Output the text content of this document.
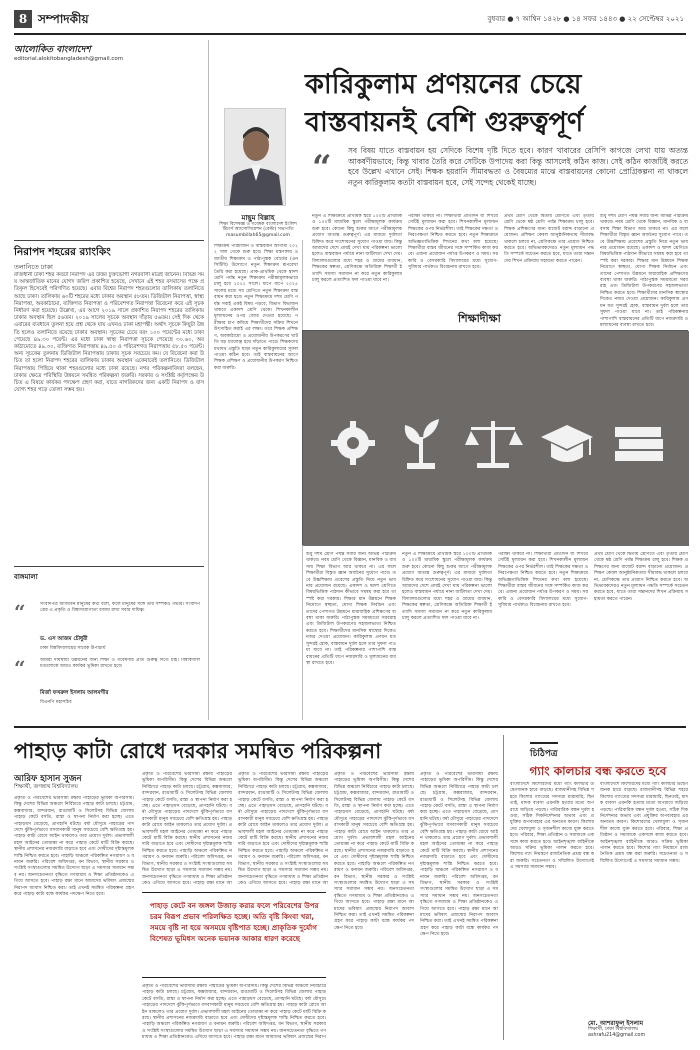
8 সম্পাদকীয়	বুধবার ● ৭ আশ্বিন ১৪২৮ ● ১৪ সফর ১৪৪৩ ● ২২ সেপ্টেম্বর ২০২১
আলোকিত বাংলাদেশ
editorial.alokitobangladesh@gmail.com
কারিকুলাম প্রণয়নের চেয়ে বাস্তবায়নই বেশি গুরুত্বপূর্ণ
নিরাপদ শহরের র‍্যাংকিং
তলানিতে ঢাকা
রাজধানী ঢাকা শহর কতটা নিরাপদ এর উত্তর চুক্তভোগী নগরবাসী মাত্রই জানেন। বিভিন্ন সময় আন্তর্জাতিক মানের যোগদ জরিপ প্রকাশিত হয়েছে, সেখানে এই শহর বসবাসের পক্ষে প্রতিকূল হিসেবেই পরিগণিত হয়েছে। এবার বিশ্বের নিরাপদ শহরগুলোর তালিকায় তলানিতে আছে ঢাকা। তালিকায় ৬০টি শহরের মধ্যে ঢাকার অবস্থান ৫৮তম। ডিজিটাল নিরাপত্তা, স্বাস্থ্য নিরাপত্তা, অবকাঠামো, ব্যক্তিগত নিরাপত্তা ও পরিবেশগত নিরাপত্তা বিবেচনা করে এই সূচক নির্ধারণ করা হয়েছে। উল্লেখ্য, এর আগে ২০১৯ সালে প্রকাশিত নিরাপদ শহরের তালিকায় ঢাকার অবস্থান ছিল ৫৬তম। ২০১৯ সালের সূচকে অবস্থান দাঁড়ায় ৫৬তম। সেই দিক থেকে এবারের ব্যবধানে তুলনা হয়ে প্রশ্ন থেকে যায় এখনও ঢাকা মহাপন্থী। অর্থাৎ সূচকে কিছুটা উন্নতি হলেও তলানিতে রয়েছে ঢাকার অবস্থান। সূচকের চেয়ে বরং ১০০ পয়েন্টের মধ্যে ঢাকা পেয়েছে ৪৯.৩০ পয়েন্ট। এর মধ্যে ঢাকা স্বাস্থ্য নিরাপত্তা সূচকে পেয়েছে ৩০.৬০, অবকাঠামোতে ৪৯.৩০, ব্যক্তিগত নিরাপত্তায় ৪৯.৫০ ও পরিবেশগত নিরাপত্তায় ৫৮.৫০ পয়েন্ট। অন্য সূচকের তুলনায় ডিজিটাল নিরাপত্তায় ঢাকার সূচক সবচেয়ে কম। যে বিবেচনা করা উচিত তা হলো নিরাপদ শহরের তালিকায় ঢাকার অবস্থান একেবারেই তলানিতে। ডিজিটাল নিরাপত্তায় পিছিয়ে থাকা শহরগুলোর মধ্যে ঢাকা রয়েছে। নগর পরিকল্পনাবিদরা বলছেন, ঢাকার ক্ষেত্রে পরিস্থিতি উন্নয়নে সমন্বিত পরিকল্পনা জরুরি। সরকার ও সংশ্লিষ্ট কর্তৃপক্ষের উচিত এ বিষয়ে কার্যকর পদক্ষেপ গ্রহণ করা, যাতে নাগরিকদের জন্য একটি নিরাপদ ও বাসযোগ্য শহর গড়ে তোলা সম্ভব হয়।
বাঙ্গমালা
“	সংবাদপত্র আজীবন মানুষের কথা বলে, ফলে মানুষের সঙ্গে তার সম্পর্কও গভীর। সংবাদপত্রের এ প্রকৃতি ও বিশ্বাসযোগ্যতা বজায় রাখা সবার দায়িত্ব।
ড. এস আজম চৌধুরী
ঢাকা বিশ্ববিদ্যালয়ের সাবেক উপাচার্য
“	আমরা দীর্ঘস্থায়ী উন্নয়নের জন্য শিক্ষা ও গবেষণার প্রতি গুরুত্ব দিতে চাই। বিশ্ববিদ্যালয়গুলোকে আরও কার্যকর ভূমিকা রাখতে হবে।
মির্জা ফখরুল ইসলাম আলমগীর
বিএনপি মহাসচিব
মাছুম বিল্লাহ
শিক্ষা বিশেষজ্ঞ ও গবেষক বাংলাদেশ ইংলিশ টিচার্স অ্যাসোসিয়েশন (বেল্টা) সভাপতি masumbillah65@gmail.com
শিক্ষাক্রম পরিমার্জন ও বাস্তবায়ন আগামী ২০২২ সাল থেকে শুরু হবে। শিক্ষা মন্ত্রণালয় ও জাতীয় শিক্ষাক্রম ও পাঠ্যপুস্তক বোর্ডের (এনসিটিবি) উদ্যোগে নতুন শিক্ষাক্রম রূপরেখা তৈরি করা হয়েছে। প্রাক-প্রাথমিক থেকে দ্বাদশ শ্রেণি পর্যন্ত নতুন শিক্ষাক্রম পরীক্ষামূলকভাবে চালু হবে ২০২২ সালে। ধাপে ধাপে ২০২৫ সালের মধ্যে সব শ্রেণিতে নতুন শিক্ষাক্রম বাস্তবায়ন করা হবে। নতুন শিক্ষাক্রমে দশম শ্রেণি পর্যন্ত সবাই একই বিষয় পড়বে, বিভাগ বিভাজন থাকবে একাদশ শ্রেণি থেকে। শিখনকালীন মূল্যায়নের ওপর জোর দেওয়া হয়েছে। পরীক্ষার চাপ কমিয়ে শিক্ষার্থীদের সক্রিয় শিখনে উৎসাহিত করাই এর লক্ষ্য। তবে শিক্ষক প্রশিক্ষণ, অবকাঠামো ও প্রয়োজনীয় উপকরণের ঘাটতি বড় চ্যালেঞ্জ হয়ে দাঁড়াতে পারে। শিক্ষকদের যথাযথ প্রস্তুতি ছাড়া নতুন কারিকুলামের সুফল পাওয়া কঠিন হবে। তাই বাস্তবায়নের আগে শিক্ষক প্রশিক্ষণ ও প্রয়োজনীয় উপকরণ নিশ্চিত করা জরুরি।
“ সব বিষয় যাতে বাস্তবায়ন হয় সেদিকে বিশেষ দৃষ্টি দিতে হবে। কারণ খাবারের রেসিপি কাগজে লেখা যায় অত্যন্ত আকর্ষণীয়ভাবে; কিন্তু খাবার তৈরি করে সেটিকে উপাদেয় করা কিন্তু আসলেই কঠিন কাজ। সেই কঠিন কাজটিই করতে হবে উল্লেখ এখানে সেই। শিক্ষক হয়রানি সীমাবদ্ধতা ও বৈষম্যের মাঝে বাস্তবায়নের কোনো প্রোগ্রিকল্পনা না থাকলে নতুন কারিকুলাম কতটা বাস্তবায়ন হবে, সেই সন্দেহ থেকেই যাচ্ছে।
নতুন এ শিক্ষাক্রমে প্রাথমিক স্তরে ১০০টি প্রাথমিক ও ১০০টি মাধ্যমিক স্কুলে পরীক্ষামূলক কার্যক্রম শুরু হবে। কোনো কিছু শুরুর আগে পরীক্ষামূলক প্রয়োগ অত্যন্ত গুরুত্বপূর্ণ। এর মাধ্যমে দুর্বলতা চিহ্নিত করে সংশোধনের সুযোগ পাওয়া যায়। কিন্তু আমাদের দেশে প্রায়ই দেখা যায় পরিকল্পনা ভালো হলেও বাস্তবায়ন পর্যায়ে নানা জটিলতা দেখা দেয়। বিদ্যালয়গুলোর মধ্যে শহর ও গ্রামের ব্যবধান, শিক্ষকের স্বল্পতা, শ্রেণিকক্ষে অতিরিক্ত শিক্ষার্থী ইত্যাদি সমস্যা সমাধান না করে নতুন কারিকুলাম চালু করলে প্রত্যাশিত ফল পাওয়া যাবে না।
পরীক্ষা থাকবে না। শিক্ষার্থীরা প্রতিদিন যা শিখবে সেটিই মূল্যায়ন করা হবে। শিখনকালীন মূল্যায়ন শিক্ষকের ওপর নির্ভরশীল। তাই শিক্ষকের দক্ষতা ও নিরপেক্ষতা নিশ্চিত করতে হবে। নতুন শিক্ষাক্রমে অভিজ্ঞতাভিত্তিক শিখনের কথা বলা হয়েছে। শিক্ষার্থীরা বাস্তব জীবনের সঙ্গে সম্পর্কিত কাজ করবে। এজন্য প্রয়োজন পর্যাপ্ত উপকরণ ও সময়। সরকারি ও বেসরকারি বিদ্যালয়ের মধ্যে সুযোগ-সুবিধার পার্থক্যও বিবেচনায় রাখতে হবে।
প্রথম শ্রেণি থেকে দ্বিতীয় শ্রেণিতে এবং তৃতীয় শ্রেণি থেকে ষষ্ঠ শ্রেণি পর্যন্ত শিক্ষাক্রম চালু হবে। শিক্ষক প্রশিক্ষণের জন্য বাজেট বরাদ্দ বাড়ানো প্রয়োজন। প্রশিক্ষণ কেবল আনুষ্ঠানিকতায় সীমাবদ্ধ থাকলে চলবে না, শ্রেণিকক্ষে তার প্রয়োগ নিশ্চিত করতে হবে। অভিভাবকদেরও নতুন মূল্যায়ন পদ্ধতি সম্পর্কে সচেতন করতে হবে, যাতে তারা সন্তানদের শিখন প্রক্রিয়ায় সহায়তা করতে পারেন।
শুধু দশম শ্রেণি পর্যন্ত সবার জন্য অভিন্ন পাঠ্যক্রম থাকবে। নবম শ্রেণি থেকে বিজ্ঞান, মানবিক ও ব্যবসায় শিক্ষা বিভাগ আর থাকবে না। এর ফলে শিক্ষার্থীরা বিস্তৃত জ্ঞান অর্জনের সুযোগ পাবে। তবে উচ্চশিক্ষায় প্রবেশের প্রস্তুতি নিয়ে নতুন ভাবনার প্রয়োজন রয়েছে। একাদশ ও দ্বাদশ শ্রেণিতে বিষয়ভিত্তিক পাঠদান কীভাবে সমন্বয় করা হবে তা স্পষ্ট করা দরকার। শিক্ষার মান উন্নয়নে শিক্ষক নিয়োগে স্বচ্ছতা, যোগ্য শিক্ষক নির্বাচন এবং তাদের পেশাগত উন্নয়নে ধারাবাহিক প্রশিক্ষণের ব্যবস্থা থাকা জরুরি। পাঠ্যপুস্তক সময়মতো সরবরাহ এবং ডিজিটাল উপকরণের সহজলভ্যতা নিশ্চিত করতে হবে। শিক্ষার্থীদের মানসিক স্বাস্থ্যের দিকেও নজর দেওয়া প্রয়োজন। কারিকুলাম প্রণয়ন যত সুন্দরই হোক, বাস্তবায়ন দুর্বল হলে তার সুফল পাওয়া যাবে না। তাই পরিকল্পনার পাশাপাশি বাস্তবায়নের প্রতিটি ধাপে নজরদারি ও মূল্যায়নের ব্যবস্থা রাখতে হবে।
শিক্ষাদীক্ষা
শুধু দশম শ্রেণি পর্যন্ত সবার জন্য অভিন্ন পাঠ্যক্রম থাকবে। নবম শ্রেণি থেকে বিজ্ঞান, মানবিক ও ব্যবসায় শিক্ষা বিভাগ আর থাকবে না। এর ফলে শিক্ষার্থীরা বিস্তৃত জ্ঞান অর্জনের সুযোগ পাবে। তবে উচ্চশিক্ষায় প্রবেশের প্রস্তুতি নিয়ে নতুন ভাবনার প্রয়োজন রয়েছে। একাদশ ও দ্বাদশ শ্রেণিতে বিষয়ভিত্তিক পাঠদান কীভাবে সমন্বয় করা হবে তা স্পষ্ট করা দরকার। শিক্ষার মান উন্নয়নে শিক্ষক নিয়োগে স্বচ্ছতা, যোগ্য শিক্ষক নির্বাচন এবং তাদের পেশাগত উন্নয়নে ধারাবাহিক প্রশিক্ষণের ব্যবস্থা থাকা জরুরি। পাঠ্যপুস্তক সময়মতো সরবরাহ এবং ডিজিটাল উপকরণের সহজলভ্যতা নিশ্চিত করতে হবে। শিক্ষার্থীদের মানসিক স্বাস্থ্যের দিকেও নজর দেওয়া প্রয়োজন। কারিকুলাম প্রণয়ন যত সুন্দরই হোক, বাস্তবায়ন দুর্বল হলে তার সুফল পাওয়া যাবে না। তাই পরিকল্পনার পাশাপাশি বাস্তবায়নের প্রতিটি ধাপে নজরদারি ও মূল্যায়নের ব্যবস্থা রাখতে হবে।
নতুন এ শিক্ষাক্রমে প্রাথমিক স্তরে ১০০টি প্রাথমিক ও ১০০টি মাধ্যমিক স্কুলে পরীক্ষামূলক কার্যক্রম শুরু হবে। কোনো কিছু শুরুর আগে পরীক্ষামূলক প্রয়োগ অত্যন্ত গুরুত্বপূর্ণ। এর মাধ্যমে দুর্বলতা চিহ্নিত করে সংশোধনের সুযোগ পাওয়া যায়। কিন্তু আমাদের দেশে প্রায়ই দেখা যায় পরিকল্পনা ভালো হলেও বাস্তবায়ন পর্যায়ে নানা জটিলতা দেখা দেয়। বিদ্যালয়গুলোর মধ্যে শহর ও গ্রামের ব্যবধান, শিক্ষকের স্বল্পতা, শ্রেণিকক্ষে অতিরিক্ত শিক্ষার্থী ইত্যাদি সমস্যা সমাধান না করে নতুন কারিকুলাম চালু করলে প্রত্যাশিত ফল পাওয়া যাবে না।
পরীক্ষা থাকবে না। শিক্ষার্থীরা প্রতিদিন যা শিখবে সেটিই মূল্যায়ন করা হবে। শিখনকালীন মূল্যায়ন শিক্ষকের ওপর নির্ভরশীল। তাই শিক্ষকের দক্ষতা ও নিরপেক্ষতা নিশ্চিত করতে হবে। নতুন শিক্ষাক্রমে অভিজ্ঞতাভিত্তিক শিখনের কথা বলা হয়েছে। শিক্ষার্থীরা বাস্তব জীবনের সঙ্গে সম্পর্কিত কাজ করবে। এজন্য প্রয়োজন পর্যাপ্ত উপকরণ ও সময়। সরকারি ও বেসরকারি বিদ্যালয়ের মধ্যে সুযোগ-সুবিধার পার্থক্যও বিবেচনায় রাখতে হবে।
প্রথম শ্রেণি থেকে দ্বিতীয় শ্রেণিতে এবং তৃতীয় শ্রেণি থেকে ষষ্ঠ শ্রেণি পর্যন্ত শিক্ষাক্রম চালু হবে। শিক্ষক প্রশিক্ষণের জন্য বাজেট বরাদ্দ বাড়ানো প্রয়োজন। প্রশিক্ষণ কেবল আনুষ্ঠানিকতায় সীমাবদ্ধ থাকলে চলবে না, শ্রেণিকক্ষে তার প্রয়োগ নিশ্চিত করতে হবে। অভিভাবকদেরও নতুন মূল্যায়ন পদ্ধতি সম্পর্কে সচেতন করতে হবে, যাতে তারা সন্তানদের শিখন প্রক্রিয়ায় সহায়তা করতে পারেন।
পাহাড় কাটা রোধে দরকার সমন্বিত পরিকল্পনা
আরিফ হাসান সুজন
শিক্ষার্থী, জগন্নাথ বিশ্ববিদ্যালয়
প্রকৃতি ও পরিবেশের ভারসাম্য রক্ষায় পাহাড়ের ভূমিকা অপরিসীম। কিন্তু দেশের বিভিন্ন অঞ্চলে নির্বিচারে পাহাড় কাটা চলছে। চট্টগ্রাম, কক্সবাজার, বান্দরবান, রাঙামাটি ও সিলেটসহ বিভিন্ন জেলায় পাহাড় কেটে বসতি, রাস্তা ও স্থাপনা নির্মাণ করা হচ্ছে। এতে পাহাড়ধস বেড়েছে, প্রাণহানি ঘটছে। বর্ষা মৌসুমে পাহাড়ের পাদদেশে ঝুঁকিপূর্ণভাবে বসবাসকারী মানুষ সবচেয়ে বেশি ক্ষতিগ্রস্ত হয়। পাহাড় কাটা রোধে আইন থাকলেও তার প্রয়োগ দুর্বল। প্রভাবশালী মহল আইনের তোয়াক্কা না করে পাহাড় কেটে মাটি বিক্রি করছে। স্থানীয় প্রশাসনের নজরদারি বাড়াতে হবে এবং দোষীদের দৃষ্টান্তমূলক শাস্তি নিশ্চিত করতে হবে। পাহাড়ি অঞ্চলে পরিকল্পিত নগরায়ণ ও বনায়ন জরুরি। পরিবেশ অধিদপ্তর, বন বিভাগ, স্থানীয় সরকার ও সংশ্লিষ্ট সংস্থাগুলোর সমন্বিত উদ্যোগ ছাড়া এ সমস্যার সমাধান সম্ভব নয়। জনসচেতনতা বৃদ্ধিতে গণমাধ্যম ও শিক্ষা প্রতিষ্ঠানকেও এগিয়ে আসতে হবে। পাহাড় রক্ষা মানে আমাদের ভবিষ্যৎ প্রজন্মের নিরাপদ আবাস নিশ্চিত করা। তাই এখনই সমন্বিত পরিকল্পনা গ্রহণ করে পাহাড় কাটা বন্ধে কার্যকর পদক্ষেপ নিতে হবে।
প্রকৃতি ও পরিবেশের ভারসাম্য রক্ষায় পাহাড়ের ভূমিকা অপরিসীম। কিন্তু দেশের বিভিন্ন অঞ্চলে নির্বিচারে পাহাড় কাটা চলছে। চট্টগ্রাম, কক্সবাজার, বান্দরবান, রাঙামাটি ও সিলেটসহ বিভিন্ন জেলায় পাহাড় কেটে বসতি, রাস্তা ও স্থাপনা নির্মাণ করা হচ্ছে। এতে পাহাড়ধস বেড়েছে, প্রাণহানি ঘটছে। বর্ষা মৌসুমে পাহাড়ের পাদদেশে ঝুঁকিপূর্ণভাবে বসবাসকারী মানুষ সবচেয়ে বেশি ক্ষতিগ্রস্ত হয়। পাহাড় কাটা রোধে আইন থাকলেও তার প্রয়োগ দুর্বল। প্রভাবশালী মহল আইনের তোয়াক্কা না করে পাহাড় কেটে মাটি বিক্রি করছে। স্থানীয় প্রশাসনের নজরদারি বাড়াতে হবে এবং দোষীদের দৃষ্টান্তমূলক শাস্তি নিশ্চিত করতে হবে। পাহাড়ি অঞ্চলে পরিকল্পিত নগরায়ণ ও বনায়ন জরুরি। পরিবেশ অধিদপ্তর, বন বিভাগ, স্থানীয় সরকার ও সংশ্লিষ্ট সংস্থাগুলোর সমন্বিত উদ্যোগ ছাড়া এ সমস্যার সমাধান সম্ভব নয়। জনসচেতনতা বৃদ্ধিতে গণমাধ্যম ও শিক্ষা প্রতিষ্ঠানকেও এগিয়ে আসতে হবে। পাহাড় রক্ষা মানে আ
প্রকৃতি ও পরিবেশের ভারসাম্য রক্ষায় পাহাড়ের ভূমিকা অপরিসীম। কিন্তু দেশের বিভিন্ন অঞ্চলে নির্বিচারে পাহাড় কাটা চলছে। চট্টগ্রাম, কক্সবাজার, বান্দরবান, রাঙামাটি ও সিলেটসহ বিভিন্ন জেলায় পাহাড় কেটে বসতি, রাস্তা ও স্থাপনা নির্মাণ করা হচ্ছে। এতে পাহাড়ধস বেড়েছে, প্রাণহানি ঘটছে। বর্ষা মৌসুমে পাহাড়ের পাদদেশে ঝুঁকিপূর্ণভাবে বসবাসকারী মানুষ সবচেয়ে বেশি ক্ষতিগ্রস্ত হয়। পাহাড় কাটা রোধে আইন থাকলেও তার প্রয়োগ দুর্বল। প্রভাবশালী মহল আইনের তোয়াক্কা না করে পাহাড় কেটে মাটি বিক্রি করছে। স্থানীয় প্রশাসনের নজরদারি বাড়াতে হবে এবং দোষীদের দৃষ্টান্তমূলক শাস্তি নিশ্চিত করতে হবে। পাহাড়ি অঞ্চলে পরিকল্পিত নগরায়ণ ও বনায়ন জরুরি। পরিবেশ অধিদপ্তর, বন বিভাগ, স্থানীয় সরকার ও সংশ্লিষ্ট সংস্থাগুলোর সমন্বিত উদ্যোগ ছাড়া এ সমস্যার সমাধান সম্ভব নয়। জনসচেতনতা বৃদ্ধিতে গণমাধ্যম ও শিক্ষা প্রতিষ্ঠানকেও এগিয়ে আসতে হবে। পাহাড় রক্ষা মানে আ
পাহাড় কেটে বন জঙ্গল উজাড় করার ফলে পরিবেশের উপর চরম বিরূপ প্রভাব পরিলক্ষিত হচ্ছে। অতি বৃষ্টি কিংবা খরা, সময়ে বৃষ্টি না হয়ে অসময়ে বৃষ্টিপাত হচ্ছে। প্রাকৃতিক দুর্যোগ বিশেষত ভূমিধস অনেক ভয়ানক আকার ধারণ করেছে
প্রকৃতি ও পরিবেশের ভারসাম্য রক্ষায় পাহাড়ের ভূমিকা অপরিসীম। কিন্তু দেশের বিভিন্ন অঞ্চলে নির্বিচারে পাহাড় কাটা চলছে। চট্টগ্রাম, কক্সবাজার, বান্দরবান, রাঙামাটি ও সিলেটসহ বিভিন্ন জেলায় পাহাড় কেটে বসতি, রাস্তা ও স্থাপনা নির্মাণ করা হচ্ছে। এতে পাহাড়ধস বেড়েছে, প্রাণহানি ঘটছে। বর্ষা মৌসুমে পাহাড়ের পাদদেশে ঝুঁকিপূর্ণভাবে বসবাসকারী মানুষ সবচেয়ে বেশি ক্ষতিগ্রস্ত হয়। পাহাড় কাটা রোধে আইন থাকলেও তার প্রয়োগ দুর্বল। প্রভাবশালী মহল আইনের তোয়াক্কা না করে পাহাড় কেটে মাটি বিক্রি করছে। স্থানীয় প্রশাসনের নজরদারি বাড়াতে হবে এবং দোষীদের দৃষ্টান্তমূলক শাস্তি নিশ্চিত করতে হবে। পাহাড়ি অঞ্চলে পরিকল্পিত নগরায়ণ ও বনায়ন জরুরি। পরিবেশ অধিদপ্তর, বন বিভাগ, স্থানীয় সরকার ও সংশ্লিষ্ট সংস্থাগুলোর সমন্বিত উদ্যোগ ছাড়া এ সমস্যার সমাধান সম্ভব নয়। জনসচেতনতা বৃদ্ধিতে গণমাধ্যম ও শিক্ষা প্রতিষ্ঠানকেও এগিয়ে আসতে হবে। পাহাড় রক্ষা মানে আমাদের ভবিষ্যৎ প্রজন্মের নিরাপ
প্রকৃতি ও পরিবেশের ভারসাম্য রক্ষায় পাহাড়ের ভূমিকা অপরিসীম। কিন্তু দেশের বিভিন্ন অঞ্চলে নির্বিচারে পাহাড় কাটা চলছে। চট্টগ্রাম, কক্সবাজার, বান্দরবান, রাঙামাটি ও সিলেটসহ বিভিন্ন জেলায় পাহাড় কেটে বসতি, রাস্তা ও স্থাপনা নির্মাণ করা হচ্ছে। এতে পাহাড়ধস বেড়েছে, প্রাণহানি ঘটছে। বর্ষা মৌসুমে পাহাড়ের পাদদেশে ঝুঁকিপূর্ণভাবে বসবাসকারী মানুষ সবচেয়ে বেশি ক্ষতিগ্রস্ত হয়। পাহাড় কাটা রোধে আইন থাকলেও তার প্রয়োগ দুর্বল। প্রভাবশালী মহল আইনের তোয়াক্কা না করে পাহাড় কেটে মাটি বিক্রি করছে। স্থানীয় প্রশাসনের নজরদারি বাড়াতে হবে এবং দোষীদের দৃষ্টান্তমূলক শাস্তি নিশ্চিত করতে হবে। পাহাড়ি অঞ্চলে পরিকল্পিত নগরায়ণ ও বনায়ন জরুরি। পরিবেশ অধিদপ্তর, বন বিভাগ, স্থানীয় সরকার ও সংশ্লিষ্ট সংস্থাগুলোর সমন্বিত উদ্যোগ ছাড়া এ সমস্যার সমাধান সম্ভব নয়। জনসচেতনতা বৃদ্ধিতে গণমাধ্যম ও শিক্ষা প্রতিষ্ঠানকেও এগিয়ে আসতে হবে। পাহাড় রক্ষা মানে আমাদের ভবিষ্যৎ প্রজন্মের নিরাপদ আবাস নিশ্চিত করা। তাই এখনই সমন্বিত পরিকল্পনা গ্রহণ করে পাহাড় কাটা বন্ধে কার্যকর পদক্ষেপ নিতে হবে।
প্রকৃতি ও পরিবেশের ভারসাম্য রক্ষায় পাহাড়ের ভূমিকা অপরিসীম। কিন্তু দেশের বিভিন্ন অঞ্চলে নির্বিচারে পাহাড় কাটা চলছে। চট্টগ্রাম, কক্সবাজার, বান্দরবান, রাঙামাটি ও সিলেটসহ বিভিন্ন জেলায় পাহাড় কেটে বসতি, রাস্তা ও স্থাপনা নির্মাণ করা হচ্ছে। এতে পাহাড়ধস বেড়েছে, প্রাণহানি ঘটছে। বর্ষা মৌসুমে পাহাড়ের পাদদেশে ঝুঁকিপূর্ণভাবে বসবাসকারী মানুষ সবচেয়ে বেশি ক্ষতিগ্রস্ত হয়। পাহাড় কাটা রোধে আইন থাকলেও তার প্রয়োগ দুর্বল। প্রভাবশালী মহল আইনের তোয়াক্কা না করে পাহাড় কেটে মাটি বিক্রি করছে। স্থানীয় প্রশাসনের নজরদারি বাড়াতে হবে এবং দোষীদের দৃষ্টান্তমূলক শাস্তি নিশ্চিত করতে হবে। পাহাড়ি অঞ্চলে পরিকল্পিত নগরায়ণ ও বনায়ন জরুরি। পরিবেশ অধিদপ্তর, বন বিভাগ, স্থানীয় সরকার ও সংশ্লিষ্ট সংস্থাগুলোর সমন্বিত উদ্যোগ ছাড়া এ সমস্যার সমাধান সম্ভব নয়। জনসচেতনতা বৃদ্ধিতে গণমাধ্যম ও শিক্ষা প্রতিষ্ঠানকেও এগিয়ে আসতে হবে। পাহাড় রক্ষা মানে আমাদের ভবিষ্যৎ প্রজন্মের নিরাপদ আবাস নিশ্চিত করা। তাই এখনই সমন্বিত পরিকল্পনা গ্রহণ করে পাহাড় কাটা বন্ধে কার্যকর পদক্ষেপ নিতে হবে।
চিঠিপত্র
গ্যাং কালচার বন্ধ করতে হবে
বাংলাদেশে কিশোরদের মধ্যে গ্যাং কালচার উদ্বেগজনক হারে বাড়ছে। রাজধানীসহ বিভিন্ন শহরে কিশোর গ্যাংয়ের সদস্যরা মারামারি, ছিনতাই, মাদক ব্যবসা এমনকি হত্যার মতো অপরাধে জড়িয়ে পড়ছে। পারিবারিক বন্ধন দুর্বল হওয়া, সঠিক দিকনির্দেশনার অভাব এবং প্রযুক্তির অপব্যবহার এর অন্যতম কারণ। কিশোরদের খেলাধুলা ও সৃজনশীল কাজে যুক্ত করতে হবে। পরিবার, শিক্ষা প্রতিষ্ঠান ও সমাজকে একসঙ্গে কাজ করতে হবে। আইনশৃঙ্খলা বাহিনীকে আরও সক্রিয় ভূমিকা পালন করতে হবে। কিশোর গ্যাং নিয়ন্ত্রণে রাজনৈতিক প্রশ্রয় বন্ধ করা জরুরি। সচেতনতা ও সম্মিলিত উদ্যোগেই এ সমস্যার সমাধান সম্ভব।
বাংলাদেশে কিশোরদের মধ্যে গ্যাং কালচার উদ্বেগজনক হারে বাড়ছে। রাজধানীসহ বিভিন্ন শহরে কিশোর গ্যাংয়ের সদস্যরা মারামারি, ছিনতাই, মাদক ব্যবসা এমনকি হত্যার মতো অপরাধে জড়িয়ে পড়ছে। পারিবারিক বন্ধন দুর্বল হওয়া, সঠিক দিকনির্দেশনার অভাব এবং প্রযুক্তির অপব্যবহার এর অন্যতম কারণ। কিশোরদের খেলাধুলা ও সৃজনশীল কাজে যুক্ত করতে হবে। পরিবার, শিক্ষা প্রতিষ্ঠান ও সমাজকে একসঙ্গে কাজ করতে হবে। আইনশৃঙ্খলা বাহিনীকে আরও সক্রিয় ভূমিকা পালন করতে হবে। কিশোর গ্যাং নিয়ন্ত্রণে রাজনৈতিক প্রশ্রয় বন্ধ করা জরুরি। সচেতনতা ও সম্মিলিত উদ্যোগেই এ সমস্যার সমাধান সম্ভব।
মো. আশরাফুল ইসলাম
শিক্ষার্থী, ঢাকা বিশ্ববিদ্যালয়
ashrafu214@gmail.com
